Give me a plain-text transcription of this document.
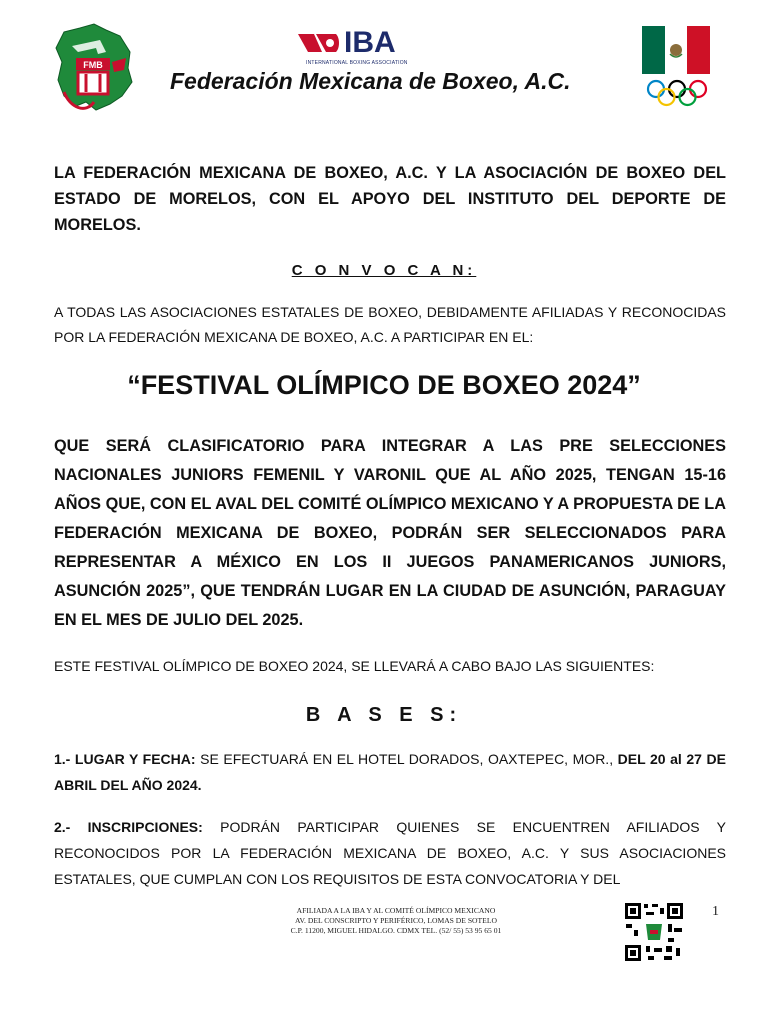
FMB
IBA
INTERNATIONAL BOXING ASSOCIATION
Federación Mexicana de Boxeo, A.C.
LA FEDERACIÓN MEXICANA DE BOXEO, A.C. Y LA ASOCIACIÓN DE BOXEO DEL ESTADO DE MORELOS, CON EL APOYO DEL INSTITUTO DEL DEPORTE DE MORELOS.
C O N V O C A N:
A TODAS LAS ASOCIACIONES ESTATALES DE BOXEO, DEBIDAMENTE AFILIADAS Y RECONOCIDAS POR LA FEDERACIÓN MEXICANA DE BOXEO, A.C. A PARTICIPAR EN EL:
“FESTIVAL OLÍMPICO DE BOXEO 2024”
QUE SERÁ CLASIFICATORIO PARA INTEGRAR A LAS PRE SELECCIONES NACIONALES JUNIORS FEMENIL Y VARONIL QUE AL AÑO 2025, TENGAN 15-16 AÑOS QUE, CON EL AVAL DEL COMITÉ OLÍMPICO MEXICANO Y A PROPUESTA DE LA FEDERACIÓN MEXICANA DE BOXEO, PODRÁN SER SELECCIONADOS PARA REPRESENTAR A MÉXICO EN LOS II JUEGOS PANAMERICANOS JUNIORS, ASUNCIÓN 2025”, QUE TENDRÁN LUGAR EN LA CIUDAD DE ASUNCIÓN, PARAGUAY EN EL MES DE JULIO DEL 2025.
ESTE FESTIVAL OLÍMPICO DE BOXEO 2024, SE LLEVARÁ A CABO BAJO LAS SIGUIENTES:
B A S E S:
1.- LUGAR Y FECHA: SE EFECTUARÁ EN EL HOTEL DORADOS, OAXTEPEC, MOR., DEL 20 al 27 DE ABRIL DEL AÑO 2024.
2.- INSCRIPCIONES: PODRÁN PARTICIPAR QUIENES SE ENCUENTREN AFILIADOS Y RECONOCIDOS POR LA FEDERACIÓN MEXICANA DE BOXEO, A.C. Y SUS ASOCIACIONES ESTATALES, QUE CUMPLAN CON LOS REQUISITOS DE ESTA CONVOCATORIA Y DEL
AFILIADA A LA IBA Y AL COMITÉ OLÍMPICO MEXICANO
AV. DEL CONSCRIPTO Y PERIFÉRICO, LOMAS DE SOTELO
C.P. 11200, MIGUEL HIDALGO. CDMX TEL. (52/ 55) 53 95 65 01
1
